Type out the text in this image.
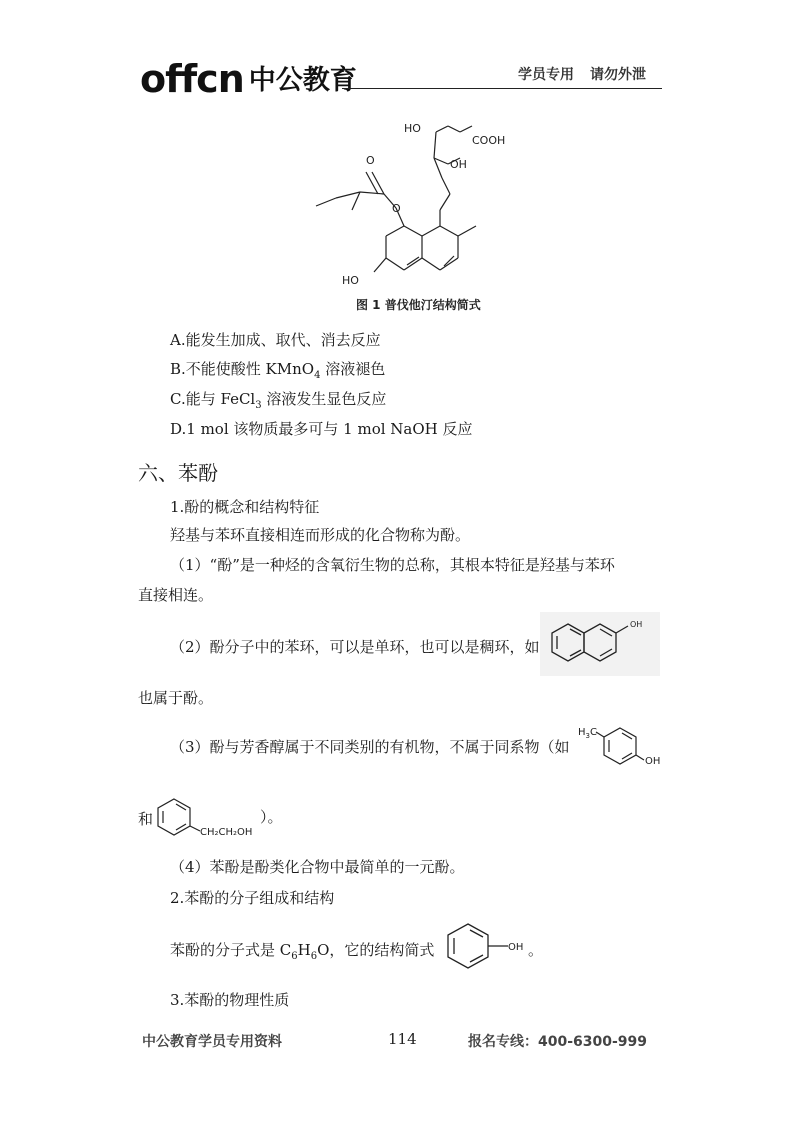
offcn 中公教育	学员专用 请勿外泄
HO
COOH
OH
O
O
HO
图 1 普伐他汀结构简式
A.能发生加成、取代、消去反应
B.不能使酸性 KMnO$_4$ 溶液褪色
C.能与 FeCl$_3$ 溶液发生显色反应
D.1 mol 该物质最多可与 1 mol NaOH 反应
六、苯酚
1.酚的概念和结构特征
羟基与苯环直接相连而形成的化合物称为酚。
（1）“酚”是一种烃的含氧衍生物的总称，其根本特征是羟基与苯环
直接相连。
（2）酚分子中的苯环，可以是单环，也可以是稠环，如
OH
也属于酚。
（3）酚与芳香醇属于不同类别的有机物，不属于同系物（如
$H_3C$
OH
和
CH₂CH₂OH
）。
（4）苯酚是酚类化合物中最简单的一元酚。
2.苯酚的分子组成和结构
苯酚的分子式是 $C_6H_6O$，它的结构简式	OH 。
3.苯酚的物理性质
中公教育学员专用资料	114	报名专线：400-6300-999
